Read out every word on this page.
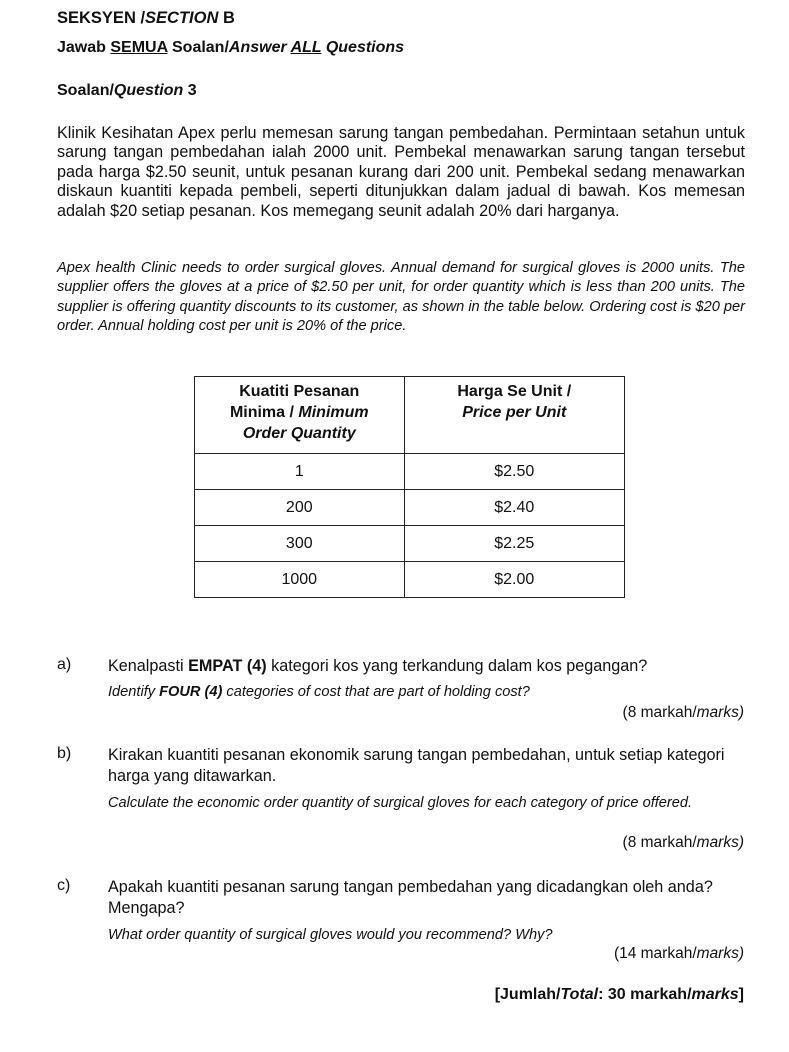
SEKSYEN /SECTION B
Jawab SEMUA Soalan/Answer ALL Questions
Soalan/Question 3
Klinik Kesihatan Apex perlu memesan sarung tangan pembedahan. Permintaan setahun untuk sarung tangan pembedahan ialah 2000 unit. Pembekal menawarkan sarung tangan tersebut pada harga $2.50 seunit, untuk pesanan kurang dari 200 unit. Pembekal sedang menawarkan diskaun kuantiti kepada pembeli, seperti ditunjukkan dalam jadual di bawah. Kos memesan adalah $20 setiap pesanan. Kos memegang seunit adalah 20% dari harganya.
Apex health Clinic needs to order surgical gloves. Annual demand for surgical gloves is 2000 units. The supplier offers the gloves at a price of $2.50 per unit, for order quantity which is less than 200 units. The supplier is offering quantity discounts to its customer, as shown in the table below. Ordering cost is $20 per order. Annual holding cost per unit is 20% of the price.
Kuatiti Pesanan
Minima / Minimum
Order Quantity	Harga Se Unit /
Price per Unit
1	$2.50
200	$2.40
300	$2.25
1000	$2.00
a) Kenalpasti EMPAT (4) kategori kos yang terkandung dalam kos pegangan?
Identify FOUR (4) categories of cost that are part of holding cost?
(8 markah/marks)
b) Kirakan kuantiti pesanan ekonomik sarung tangan pembedahan, untuk setiap kategori harga yang ditawarkan.
Calculate the economic order quantity of surgical gloves for each category of price offered.
(8 markah/marks)
c) Apakah kuantiti pesanan sarung tangan pembedahan yang dicadangkan oleh anda? Mengapa?
What order quantity of surgical gloves would you recommend? Why?
(14 markah/marks)
[Jumlah/Total: 30 markah/marks]
